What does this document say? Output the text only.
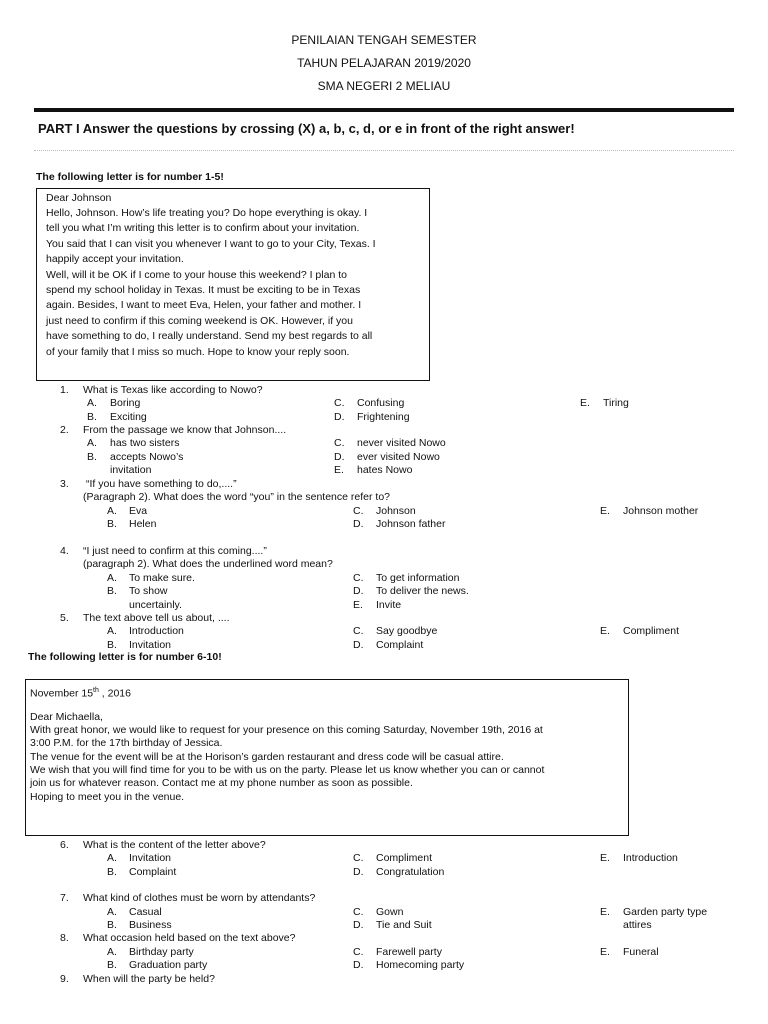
PENILAIAN TENGAH SEMESTER
TAHUN PELAJARAN 2019/2020
SMA NEGERI 2 MELIAU
PART I Answer the questions by crossing (X) a, b, c, d, or e in front of the right answer!
The following letter is for number 1-5!
Dear Johnson
Hello, Johnson. How’s life treating you? Do hope everything is okay. I
tell you what I’m writing this letter is to confirm about your invitation.
You said that I can visit you whenever I want to go to your City, Texas. I
happily accept your invitation.
Well, will it be OK if I come to your house this weekend? I plan to
spend my school holiday in Texas. It must be exciting to be in Texas
again. Besides, I want to meet Eva, Helen, your father and mother. I
just need to confirm if this coming weekend is OK. However, if you
have something to do, I really understand. Send my best regards to all
of your family that I miss so much. Hope to know your reply soon.
1. What is Texas like according to Nowo?
A. Boring
B. Exciting
C. Confusing
D. Frightening
E. Tiring
2. From the passage we know that Johnson....
A. has two sisters
B. accepts Nowo’s
invitation
C. never visited Nowo
D. ever visited Nowo
E. hates Nowo
3. “If you have something to do,....”
(Paragraph 2). What does the word “you” in the sentence refer to?
A. Eva
B. Helen
C. Johnson
D. Johnson father
E. Johnson mother
4. “I just need to confirm at this coming....”
(paragraph 2). What does the underlined word mean?
A. To make sure.
B. To show
uncertainly.
C. To get information
D. To deliver the news.
E. Invite
5. The text above tell us about, ....
A. Introduction
B. Invitation
C. Say goodbye
D. Complaint
E. Compliment
The following letter is for number 6-10!
November 15th , 2016
Dear Michaella,
With great honor, we would like to request for your presence on this coming Saturday, November 19th, 2016 at
3:00 P.M. for the 17th birthday of Jessica.
The venue for the event will be at the Horison’s garden restaurant and dress code will be casual attire.
We wish that you will find time for you to be with us on the party. Please let us know whether you can or cannot
join us for whatever reason. Contact me at my phone number as soon as possible.
Hoping to meet you in the venue.
6. What is the content of the letter above?
A. Invitation
B. Complaint
C. Compliment
D. Congratulation
E. Introduction
7. What kind of clothes must be worn by attendants?
A. Casual
B. Business
C. Gown
D. Tie and Suit
E. Garden party type
attires
8. What occasion held based on the text above?
A. Birthday party
B. Graduation party
C. Farewell party
D. Homecoming party
E. Funeral
9. When will the party be held?
